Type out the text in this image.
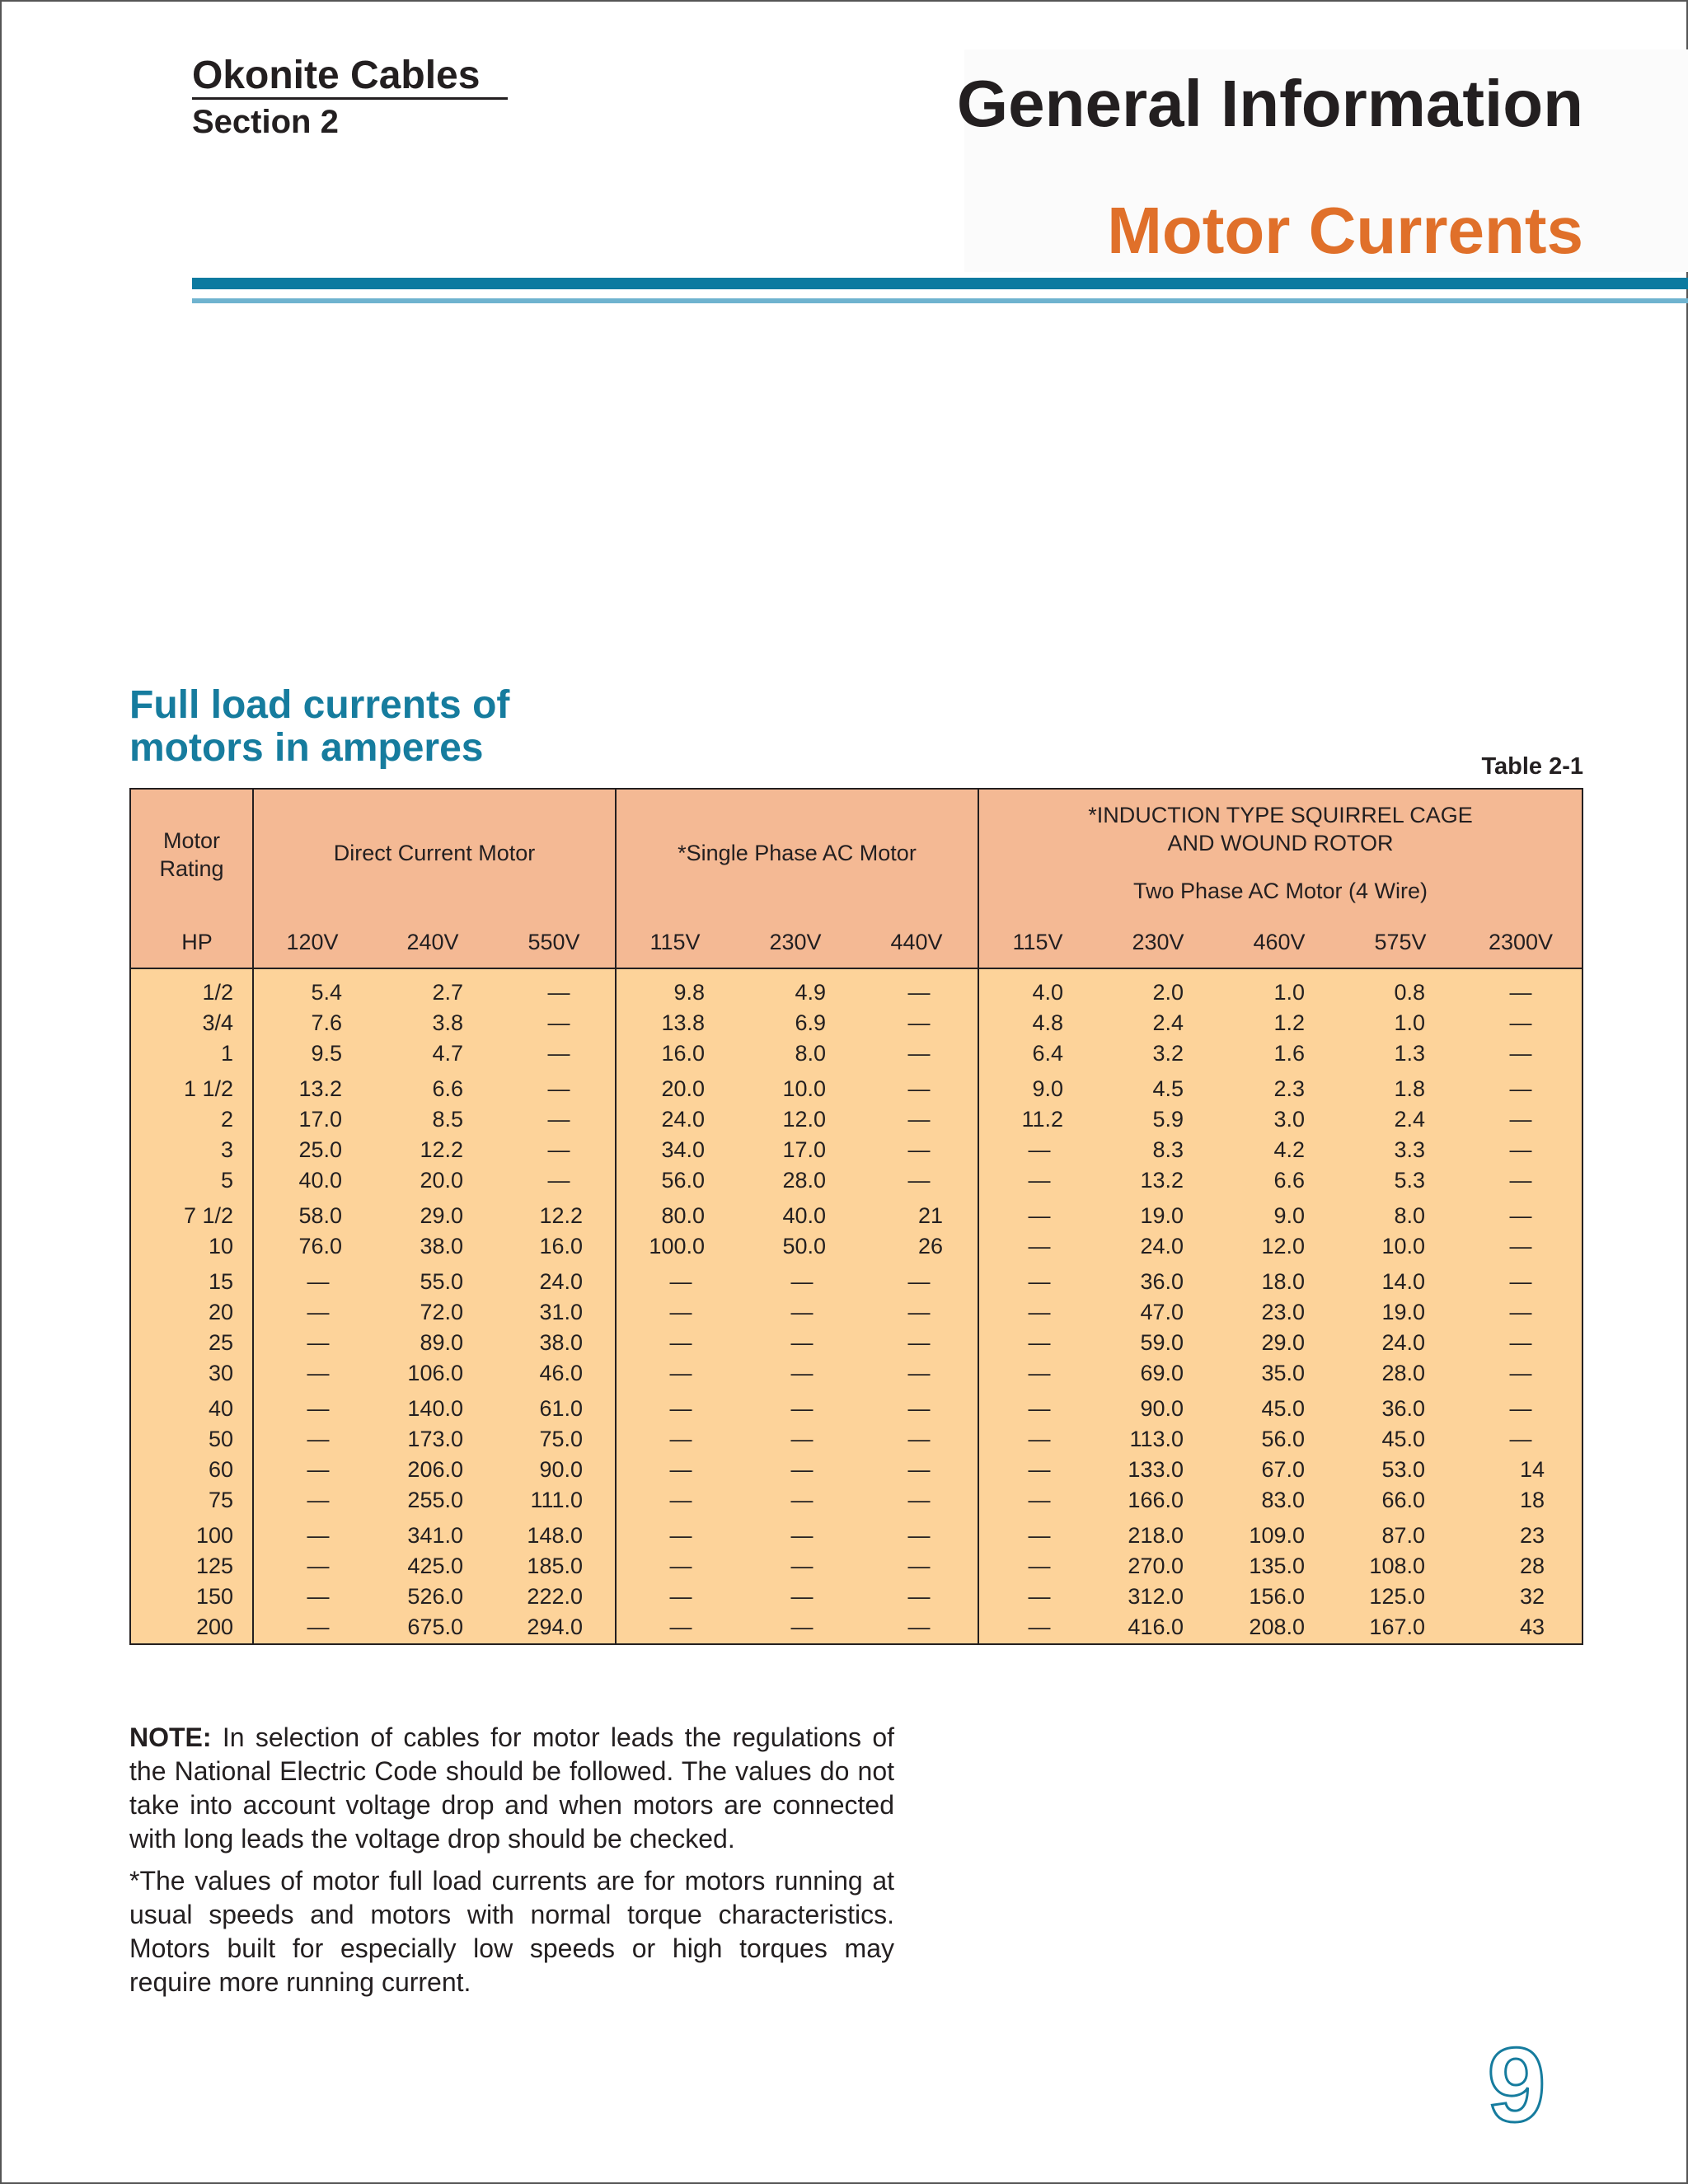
Okonite Cables
Section 2	General Information
Motor Currents
Full load currents of
motors in amperes	Table 2-1
Motor
Rating
Direct Current Motor	*Single Phase AC Motor
*INDUCTION TYPE SQUIRREL CAGE
AND WOUND ROTOR
Two Phase AC Motor (4 Wire)
HP	120V	240V	550V	115V	230V	440V	115V	230V	460V	575V	2300V
1/2	5.4	2.7	—	9.8	4.9	—	4.0	2.0	1.0	0.8	—
3/4	7.6	3.8	—	13.8	6.9	—	4.8	2.4	1.2	1.0	—
1	9.5	4.7	—	16.0	8.0	—	6.4	3.2	1.6	1.3	—
1 1/2	13.2	6.6	—	20.0	10.0	—	9.0	4.5	2.3	1.8	—
2	17.0	8.5	—	24.0	12.0	—	11.2	5.9	3.0	2.4	—
3	25.0	12.2	—	34.0	17.0	—	—	8.3	4.2	3.3	—
5	40.0	20.0	—	56.0	28.0	—	—	13.2	6.6	5.3	—
7 1/2	58.0	29.0	12.2	80.0	40.0	21	—	19.0	9.0	8.0	—
10	76.0	38.0	16.0	100.0	50.0	26	—	24.0	12.0	10.0	—
15	—	55.0	24.0	—	—	—	—	36.0	18.0	14.0	—
20	—	72.0	31.0	—	—	—	—	47.0	23.0	19.0	—
25	—	89.0	38.0	—	—	—	—	59.0	29.0	24.0	—
30	—	106.0	46.0	—	—	—	—	69.0	35.0	28.0	—
40	—	140.0	61.0	—	—	—	—	90.0	45.0	36.0	—
50	—	173.0	75.0	—	—	—	—	113.0	56.0	45.0	—
60	—	206.0	90.0	—	—	—	—	133.0	67.0	53.0	14
75	—	255.0	111.0	—	—	—	—	166.0	83.0	66.0	18
100	—	341.0	148.0	—	—	—	—	218.0	109.0	87.0	23
125	—	425.0	185.0	—	—	—	—	270.0	135.0	108.0	28
150	—	526.0	222.0	—	—	—	—	312.0	156.0	125.0	32
200	—	675.0	294.0	—	—	—	—	416.0	208.0	167.0	43
NOTE: In selection of cables for motor leads the regulations of the National Electric Code should be followed. The values do not take into account voltage drop and when motors are connected with long leads the voltage drop should be checked.
*The values of motor full load currents are for motors running at usual speeds and motors with normal torque characteristics. Motors built for especially low speeds or high torques may require more running current.
9
